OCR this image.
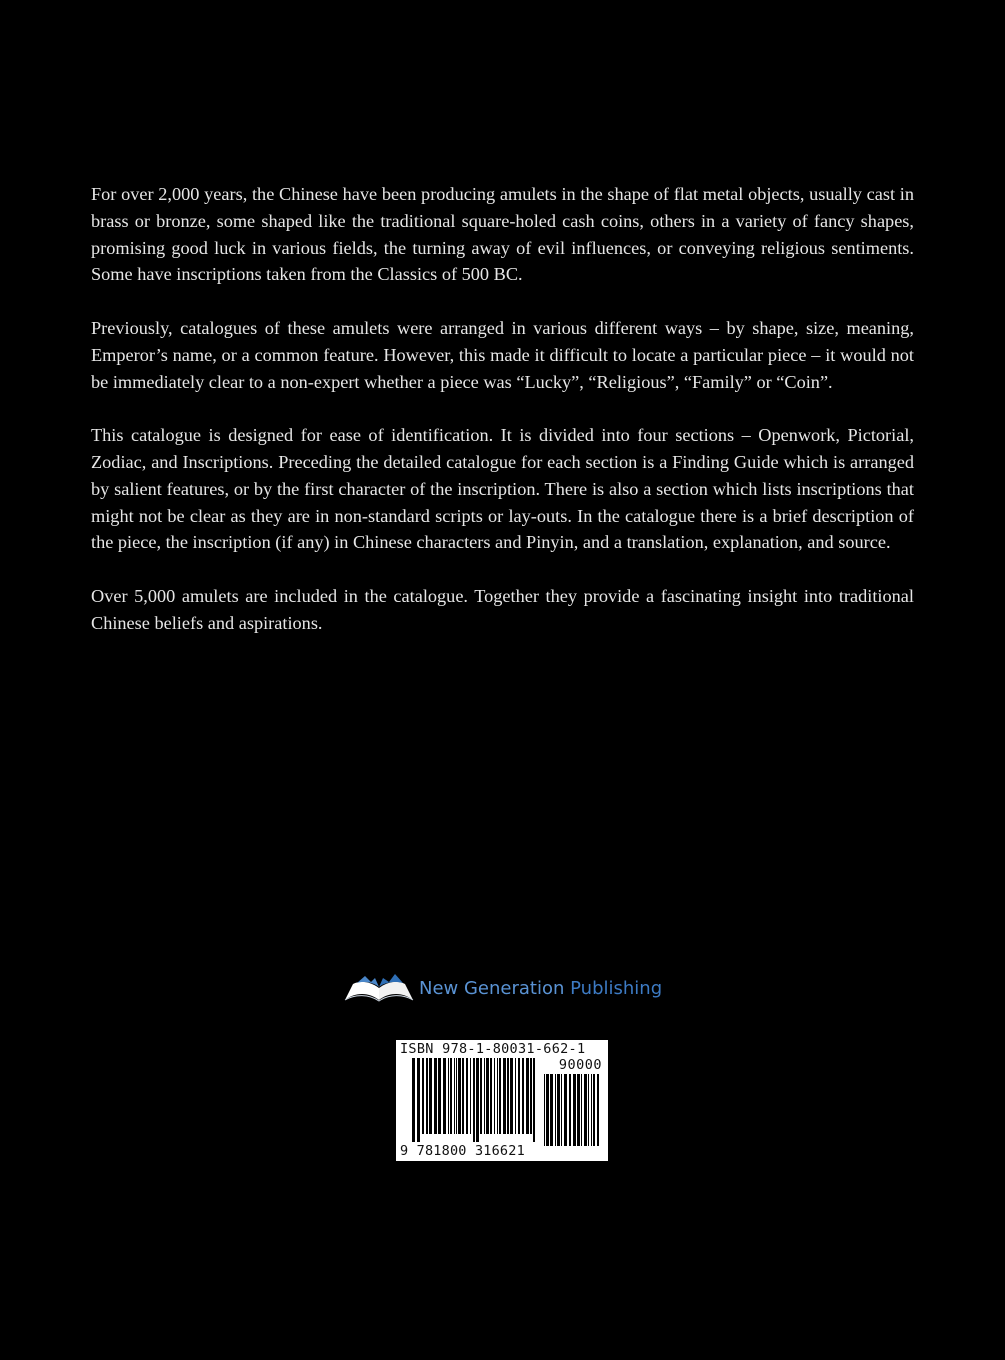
For over 2,000 years, the Chinese have been producing amulets in the shape of flat metal objects, usually cast in brass or bronze, some shaped like the traditional square-holed cash coins, others in a variety of fancy shapes, promising good luck in various fields, the turning away of evil influences, or conveying religious sentiments. Some have inscriptions taken from the Classics of 500 BC.

Previously, catalogues of these amulets were arranged in various different ways – by shape, size, meaning, Emperor’s name, or a common feature. However, this made it difficult to locate a particular piece – it would not be immediately clear to a non-expert whether a piece was “Lucky”, “Religious”, “Family” or “Coin”.

This catalogue is designed for ease of identification. It is divided into four sections – Openwork, Pictorial, Zodiac, and Inscriptions. Preceding the detailed catalogue for each section is a Finding Guide which is arranged by salient features, or by the first character of the inscription. There is also a section which lists inscriptions that might not be clear as they are in non-standard scripts or lay-outs. In the catalogue there is a brief description of the piece, the inscription (if any) in Chinese characters and Pinyin, and a translation, explanation, and source.

Over 5,000 amulets are included in the catalogue. Together they provide a fascinating insight into traditional Chinese beliefs and aspirations.

New Generation Publishing
ISBN 978-1-80031-662-1
90000
9 781800 316621
